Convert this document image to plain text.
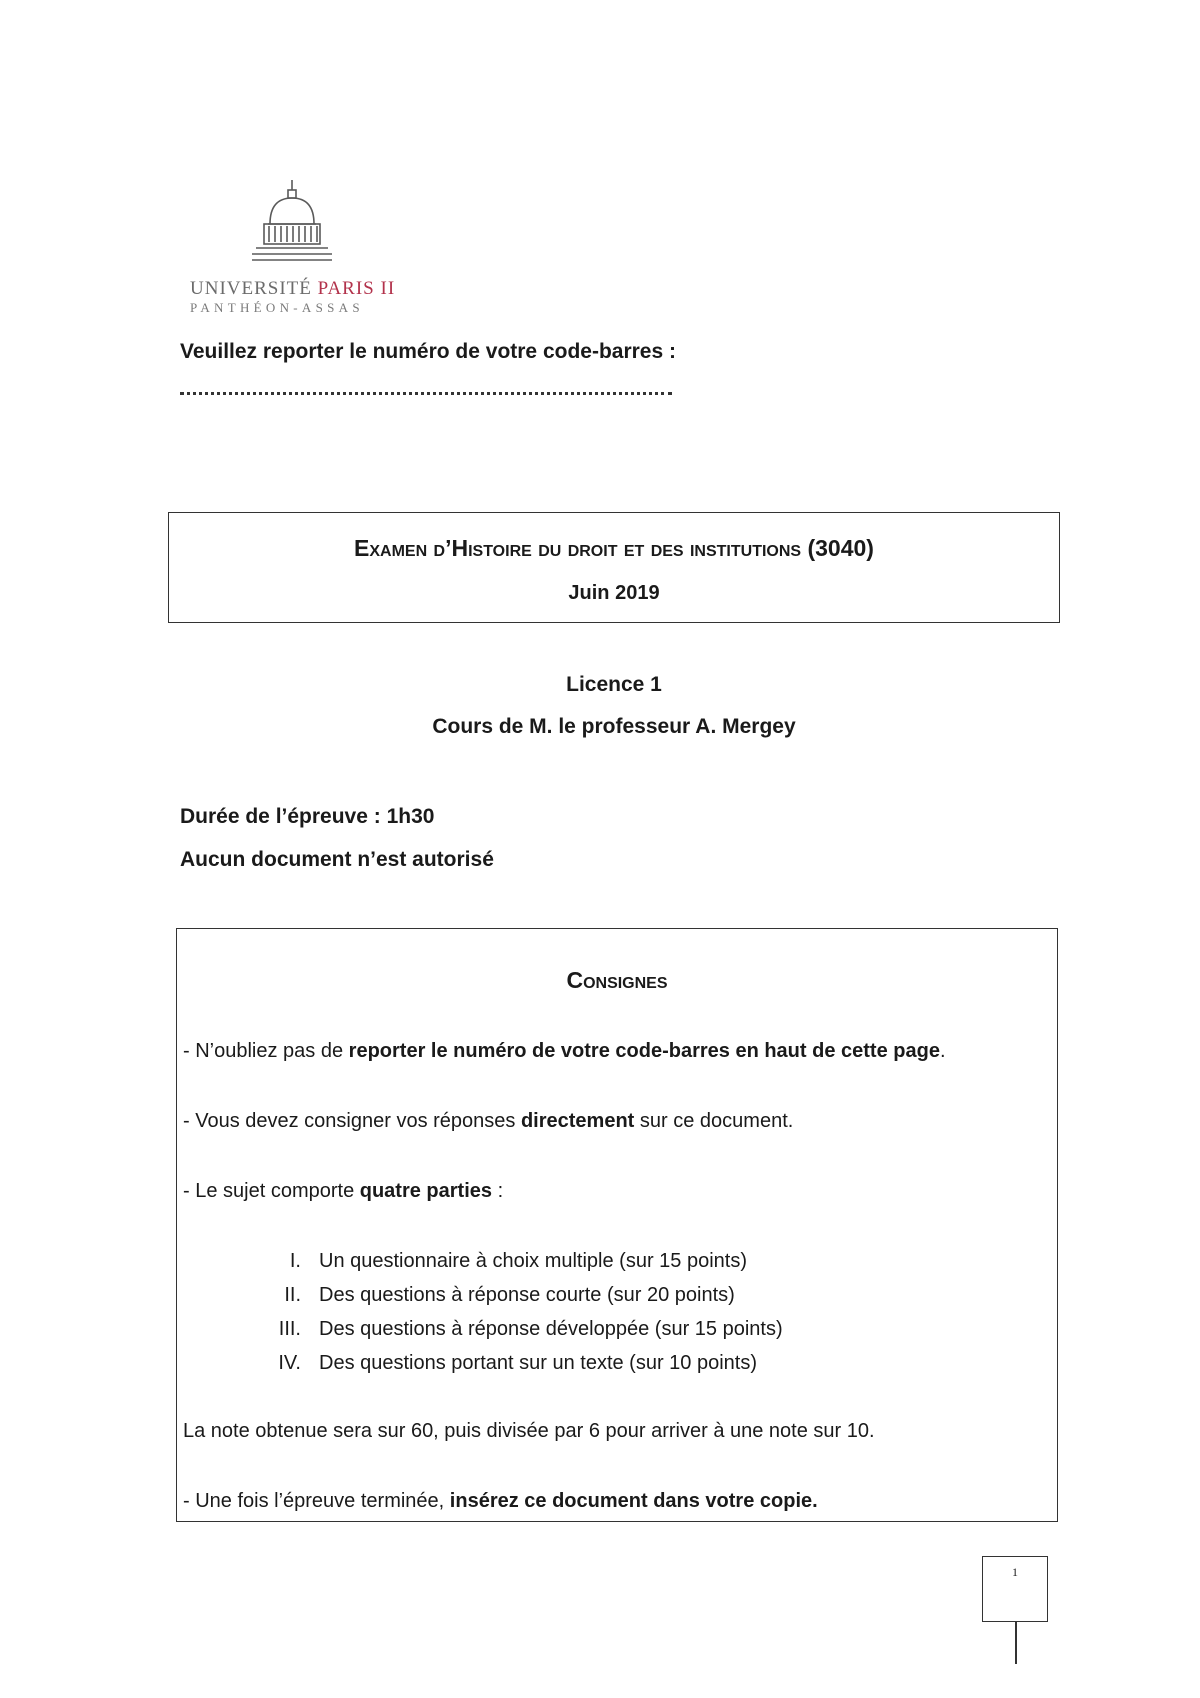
UNIVERSITÉ PARIS II
PANTHÉON-ASSAS
Veuillez reporter le numéro de votre code-barres :
Examen d’Histoire du droit et des institutions (3040)
Juin 2019
Licence 1
Cours de M. le professeur A. Mergey
Durée de l’épreuve : 1h30
Aucun document n’est autorisé
Consignes
- N’oubliez pas de reporter le numéro de votre code-barres en haut de cette page.
- Vous devez consigner vos réponses directement sur ce document.
- Le sujet comporte quatre parties :
I. Un questionnaire à choix multiple (sur 15 points)
II. Des questions à réponse courte (sur 20 points)
III. Des questions à réponse développée (sur 15 points)
IV. Des questions portant sur un texte (sur 10 points)
La note obtenue sera sur 60, puis divisée par 6 pour arriver à une note sur 10.
- Une fois l’épreuve terminée, insérez ce document dans votre copie.
1
